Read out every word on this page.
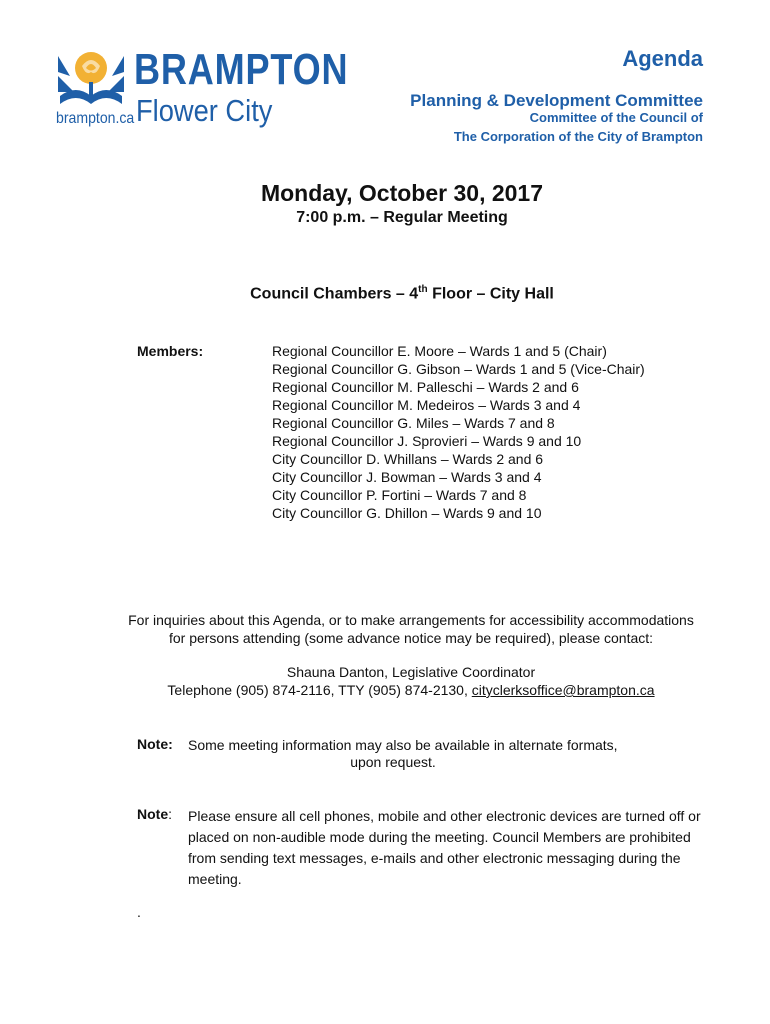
BRAMPTON
Flower City
brampton.ca
Agenda
Planning & Development Committee
Committee of the Council of
The Corporation of the City of Brampton
Monday, October 30, 2017
7:00 p.m. – Regular Meeting
Council Chambers – 4th Floor – City Hall
Members:	Regional Councillor E. Moore – Wards 1 and 5 (Chair)
Regional Councillor G. Gibson – Wards 1 and 5 (Vice-Chair)
Regional Councillor M. Palleschi – Wards 2 and 6
Regional Councillor M. Medeiros – Wards 3 and 4
Regional Councillor G. Miles – Wards 7 and 8
Regional Councillor J. Sprovieri – Wards 9 and 10
City Councillor D. Whillans – Wards 2 and 6
City Councillor J. Bowman – Wards 3 and 4
City Councillor P. Fortini – Wards 7 and 8
City Councillor G. Dhillon – Wards 9 and 10
For inquiries about this Agenda, or to make arrangements for accessibility accommodations
for persons attending (some advance notice may be required), please contact:
Shauna Danton, Legislative Coordinator
Telephone (905) 874-2116, TTY (905) 874-2130, cityclerksoffice@brampton.ca
Note: Some meeting information may also be available in alternate formats,
upon request.
Note: Please ensure all cell phones, mobile and other electronic devices are turned off or placed on non-audible mode during the meeting. Council Members are prohibited from sending text messages, e-mails and other electronic messaging during the meeting.
.
